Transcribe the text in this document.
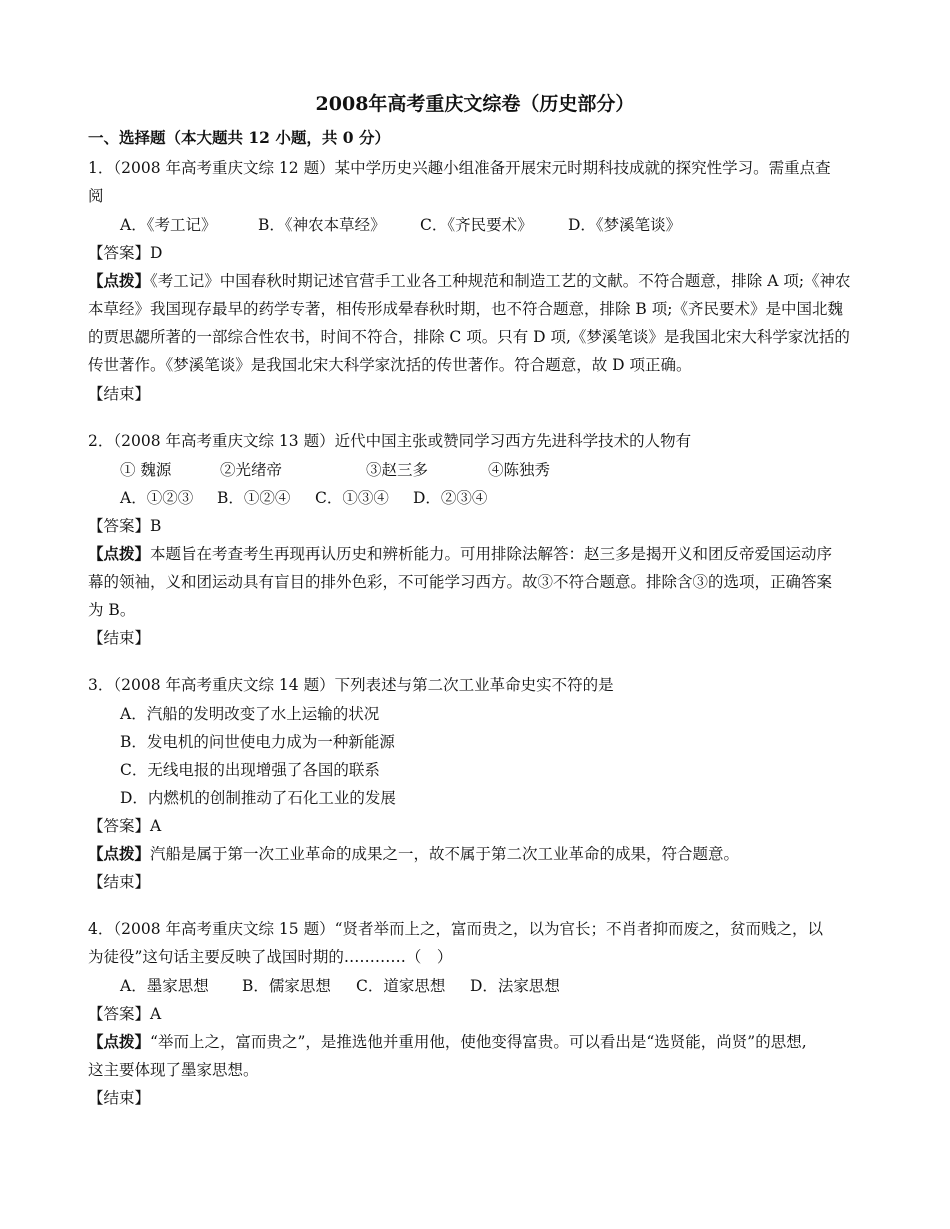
2008年高考重庆文综卷（历史部分）
一、选择题（本大题共 12 小题，共 0 分）
1．（2008 年高考重庆文综 12 题）某中学历史兴趣小组准备开展宋元时期科技成就的探究性学习。需重点查
阅
A．《考工记》	B．《神农本草经》 C．《齐民要术》 D．《梦溪笔谈》
【答案】D
【点拨】《考工记》中国春秋时期记述官营手工业各工种规范和制造工艺的文献。不符合题意，排除 A 项;《神农
本草经》我国现存最早的药学专著，相传形成晕春秋时期，也不符合题意，排除 B 项;《齐民要术》是中国北魏
的贾思勰所著的一部综合性农书，时间不符合，排除 C 项。只有 D 项,《梦溪笔谈》是我国北宋大科学家沈括的
传世著作。《梦溪笔谈》是我国北宋大科学家沈括的传世著作。符合题意，故 D 项正确。
【结束】
2．（2008 年高考重庆文综 13 题）近代中国主张或赞同学习西方先进科学技术的人物有
① 魏源	②光绪帝	③赵三多	④陈独秀
A．①②③ B．①②④ C．①③④ D．②③④
【答案】B
【点拨】本题旨在考查考生再现再认历史和辨析能力。可用排除法解答：赵三多是揭开义和团反帝爱国运动序
幕的领袖，义和团运动具有盲目的排外色彩，不可能学习西方。故③不符合题意。排除含③的选项，正确答案
为 B。
【结束】
3．（2008 年高考重庆文综 14 题）下列表述与第二次工业革命史实不符的是
A．汽船的发明改变了水上运输的状况
B．发电机的问世使电力成为一种新能源
C．无线电报的出现增强了各国的联系
D．内燃机的创制推动了石化工业的发展
【答案】A
【点拨】汽船是属于第一次工业革命的成果之一，故不属于第二次工业革命的成果，符合题意。
【结束】
4．（2008 年高考重庆文综 15 题）“贤者举而上之，富而贵之，以为官长；不肖者抑而废之，贫而贱之，以
为徒役”这句话主要反映了战国时期的…………（　）
A．墨家思想 B．儒家思想 C．道家思想 D．法家思想
【答案】A
【点拨】“举而上之，富而贵之”，是推选他并重用他，使他变得富贵。可以看出是“选贤能，尚贤”的思想,
这主要体现了墨家思想。
【结束】
